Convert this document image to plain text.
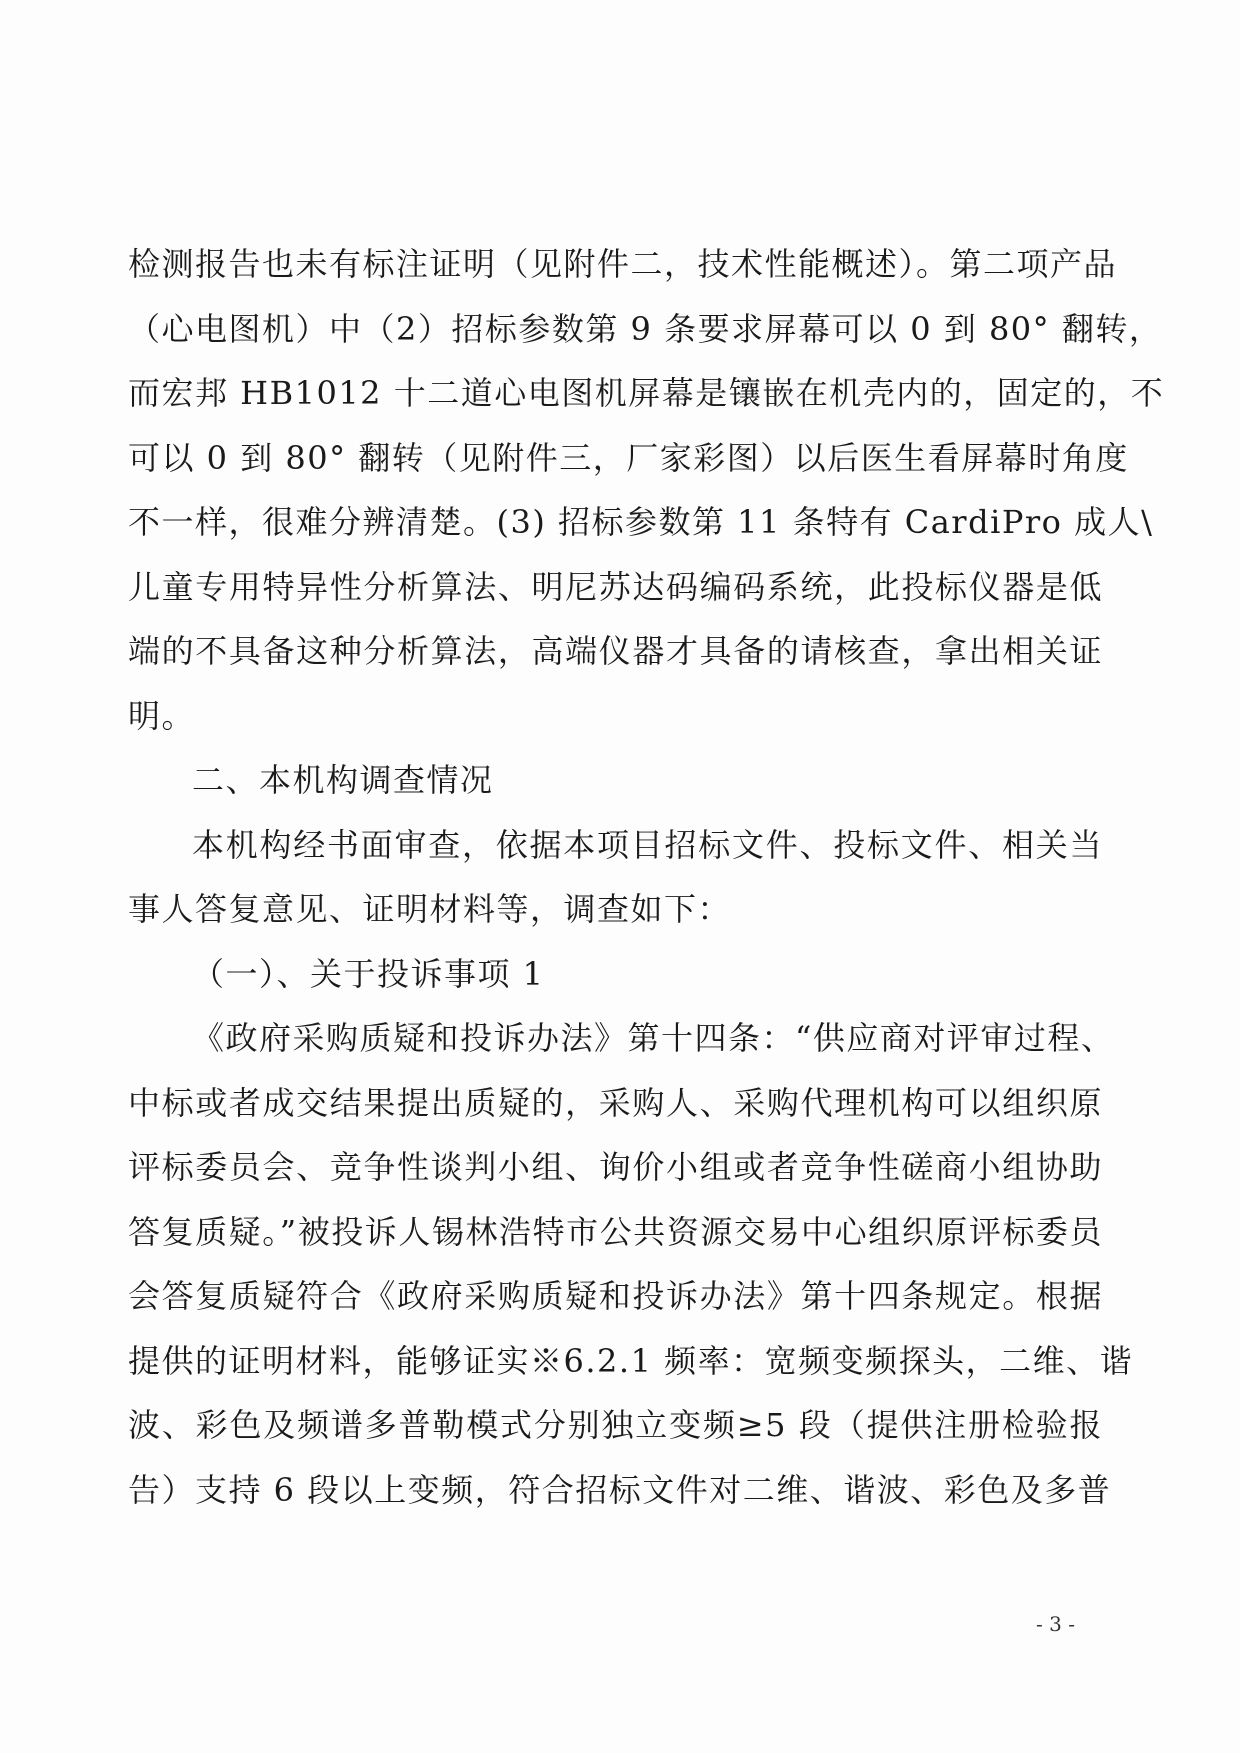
检测报告也未有标注证明（见附件二，技术性能概述）。第二项产品
（心电图机）中（2）招标参数第 9 条要求屏幕可以 0 到 80° 翻转，
而宏邦 HB1012 十二道心电图机屏幕是镶嵌在机壳内的，固定的，不
可以 0 到 80° 翻转（见附件三，厂家彩图）以后医生看屏幕时角度
不一样，很难分辨清楚。(3) 招标参数第 11 条特有 CardiPro 成人\
儿童专用特异性分析算法、明尼苏达码编码系统，此投标仪器是低
端的不具备这种分析算法，高端仪器才具备的请核查，拿出相关证
明。
二、本机构调查情况
本机构经书面审查，依据本项目招标文件、投标文件、相关当
事人答复意见、证明材料等，调查如下：
（一）、关于投诉事项 1
《政府采购质疑和投诉办法》第十四条：“供应商对评审过程、
中标或者成交结果提出质疑的，采购人、采购代理机构可以组织原
评标委员会、竞争性谈判小组、询价小组或者竞争性磋商小组协助
答复质疑。”被投诉人锡林浩特市公共资源交易中心组织原评标委员
会答复质疑符合《政府采购质疑和投诉办法》第十四条规定。根据
提供的证明材料，能够证实※6.2.1 频率：宽频变频探头，二维、谐
波、彩色及频谱多普勒模式分别独立变频≥5 段（提供注册检验报
告）支持 6 段以上变频，符合招标文件对二维、谐波、彩色及多普
- 3 -
